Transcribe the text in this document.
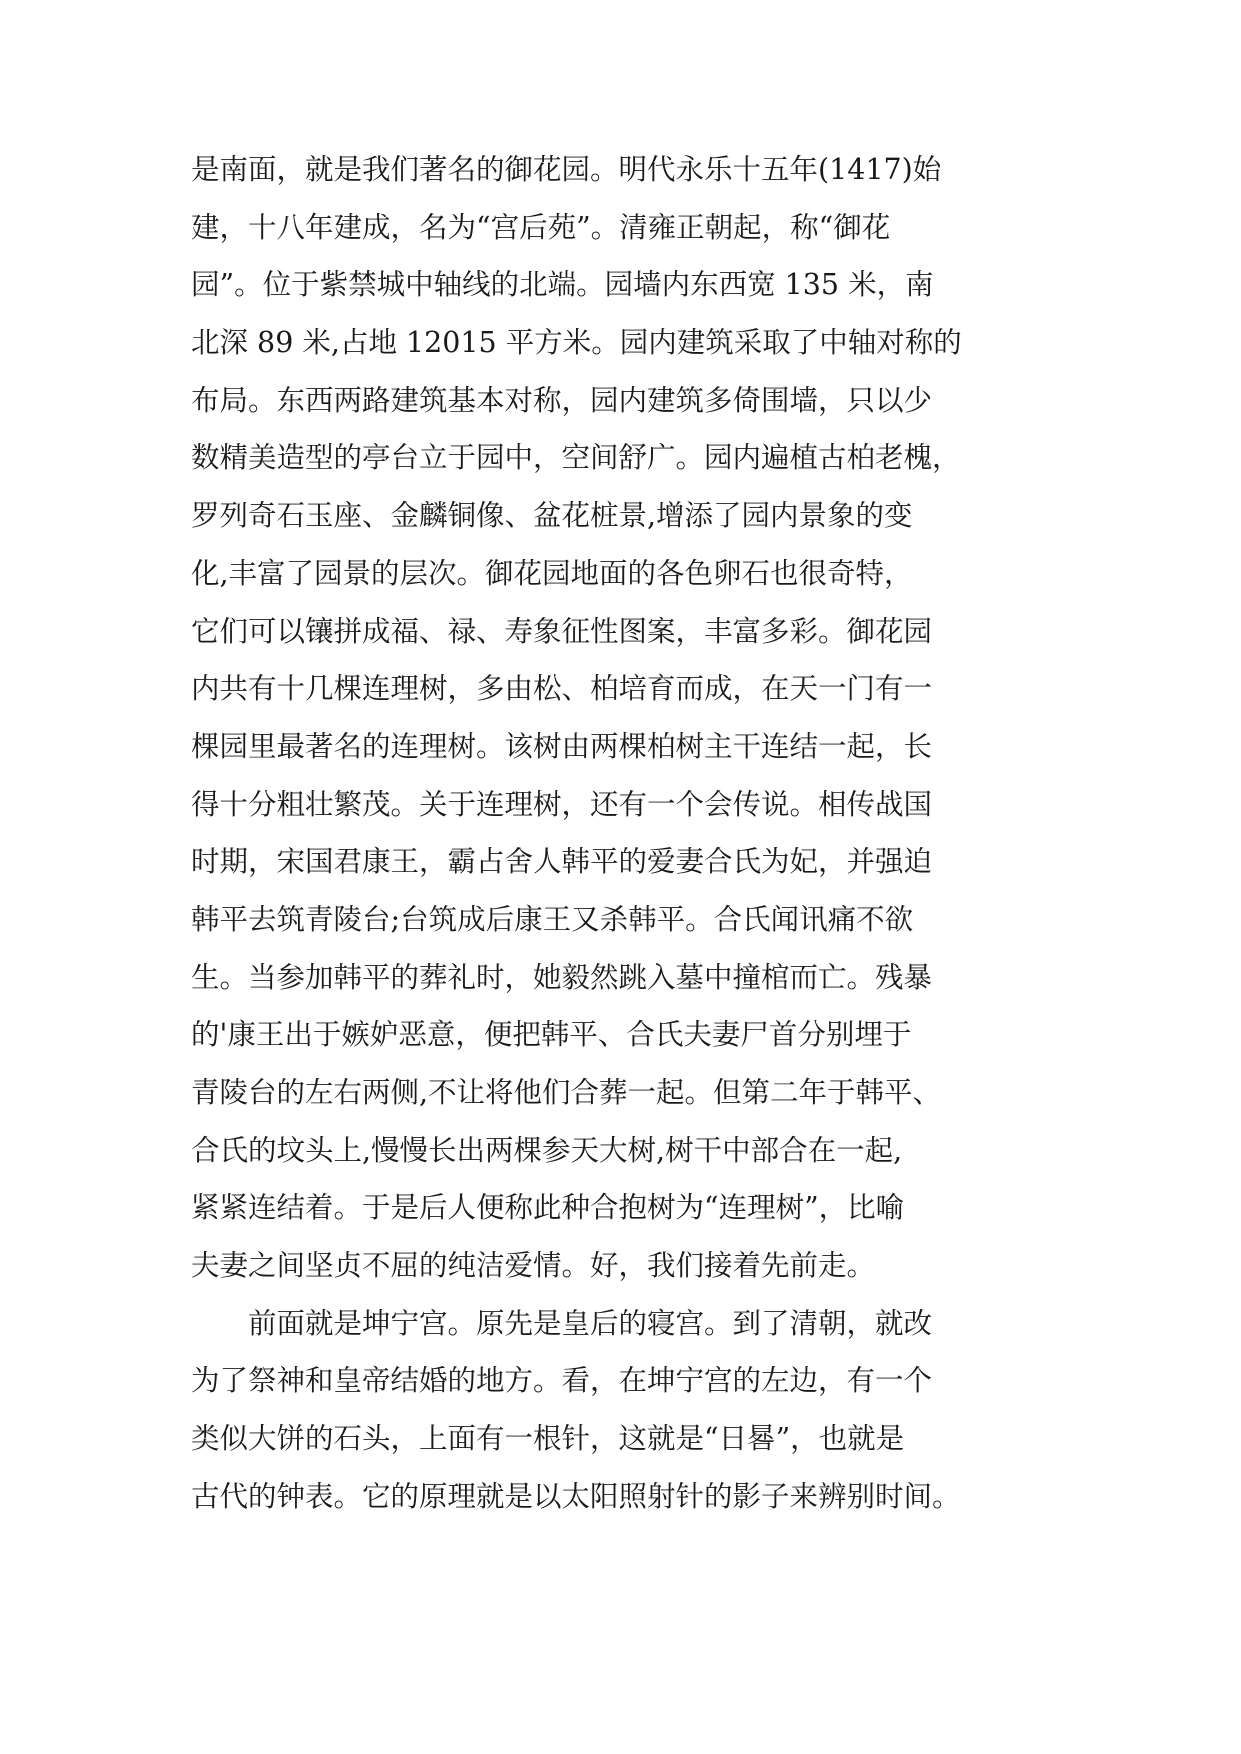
是南面，就是我们著名的御花园。明代永乐十五年(1417)始
建，十八年建成，名为“宫后苑”。清雍正朝起，称“御花
园”。位于紫禁城中轴线的北端。园墙内东西宽 135 米，南
北深 89 米,占地 12015 平方米。园内建筑采取了中轴对称的
布局。东西两路建筑基本对称，园内建筑多倚围墙，只以少
数精美造型的亭台立于园中，空间舒广。园内遍植古柏老槐，
罗列奇石玉座、金麟铜像、盆花桩景,增添了园内景象的变
化,丰富了园景的层次。御花园地面的各色卵石也很奇特，
它们可以镶拼成福、禄、寿象征性图案，丰富多彩。御花园
内共有十几棵连理树，多由松、柏培育而成，在天一门有一
棵园里最著名的连理树。该树由两棵柏树主干连结一起，长
得十分粗壮繁茂。关于连理树，还有一个会传说。相传战国
时期，宋国君康王，霸占舍人韩平的爱妻合氏为妃，并强迫
韩平去筑青陵台;台筑成后康王又杀韩平。合氏闻讯痛不欲
生。当参加韩平的葬礼时，她毅然跳入墓中撞棺而亡。残暴
的'康王出于嫉妒恶意，便把韩平、合氏夫妻尸首分别埋于
青陵台的左右两侧,不让将他们合葬一起。但第二年于韩平、
合氏的坟头上,慢慢长出两棵参天大树,树干中部合在一起,
紧紧连结着。于是后人便称此种合抱树为“连理树”，比喻
夫妻之间坚贞不屈的纯洁爱情。好，我们接着先前走。
前面就是坤宁宫。原先是皇后的寝宫。到了清朝，就改
为了祭神和皇帝结婚的地方。看，在坤宁宫的左边，有一个
类似大饼的石头，上面有一根针，这就是“日晷”，也就是
古代的钟表。它的原理就是以太阳照射针的影子来辨别时间。
